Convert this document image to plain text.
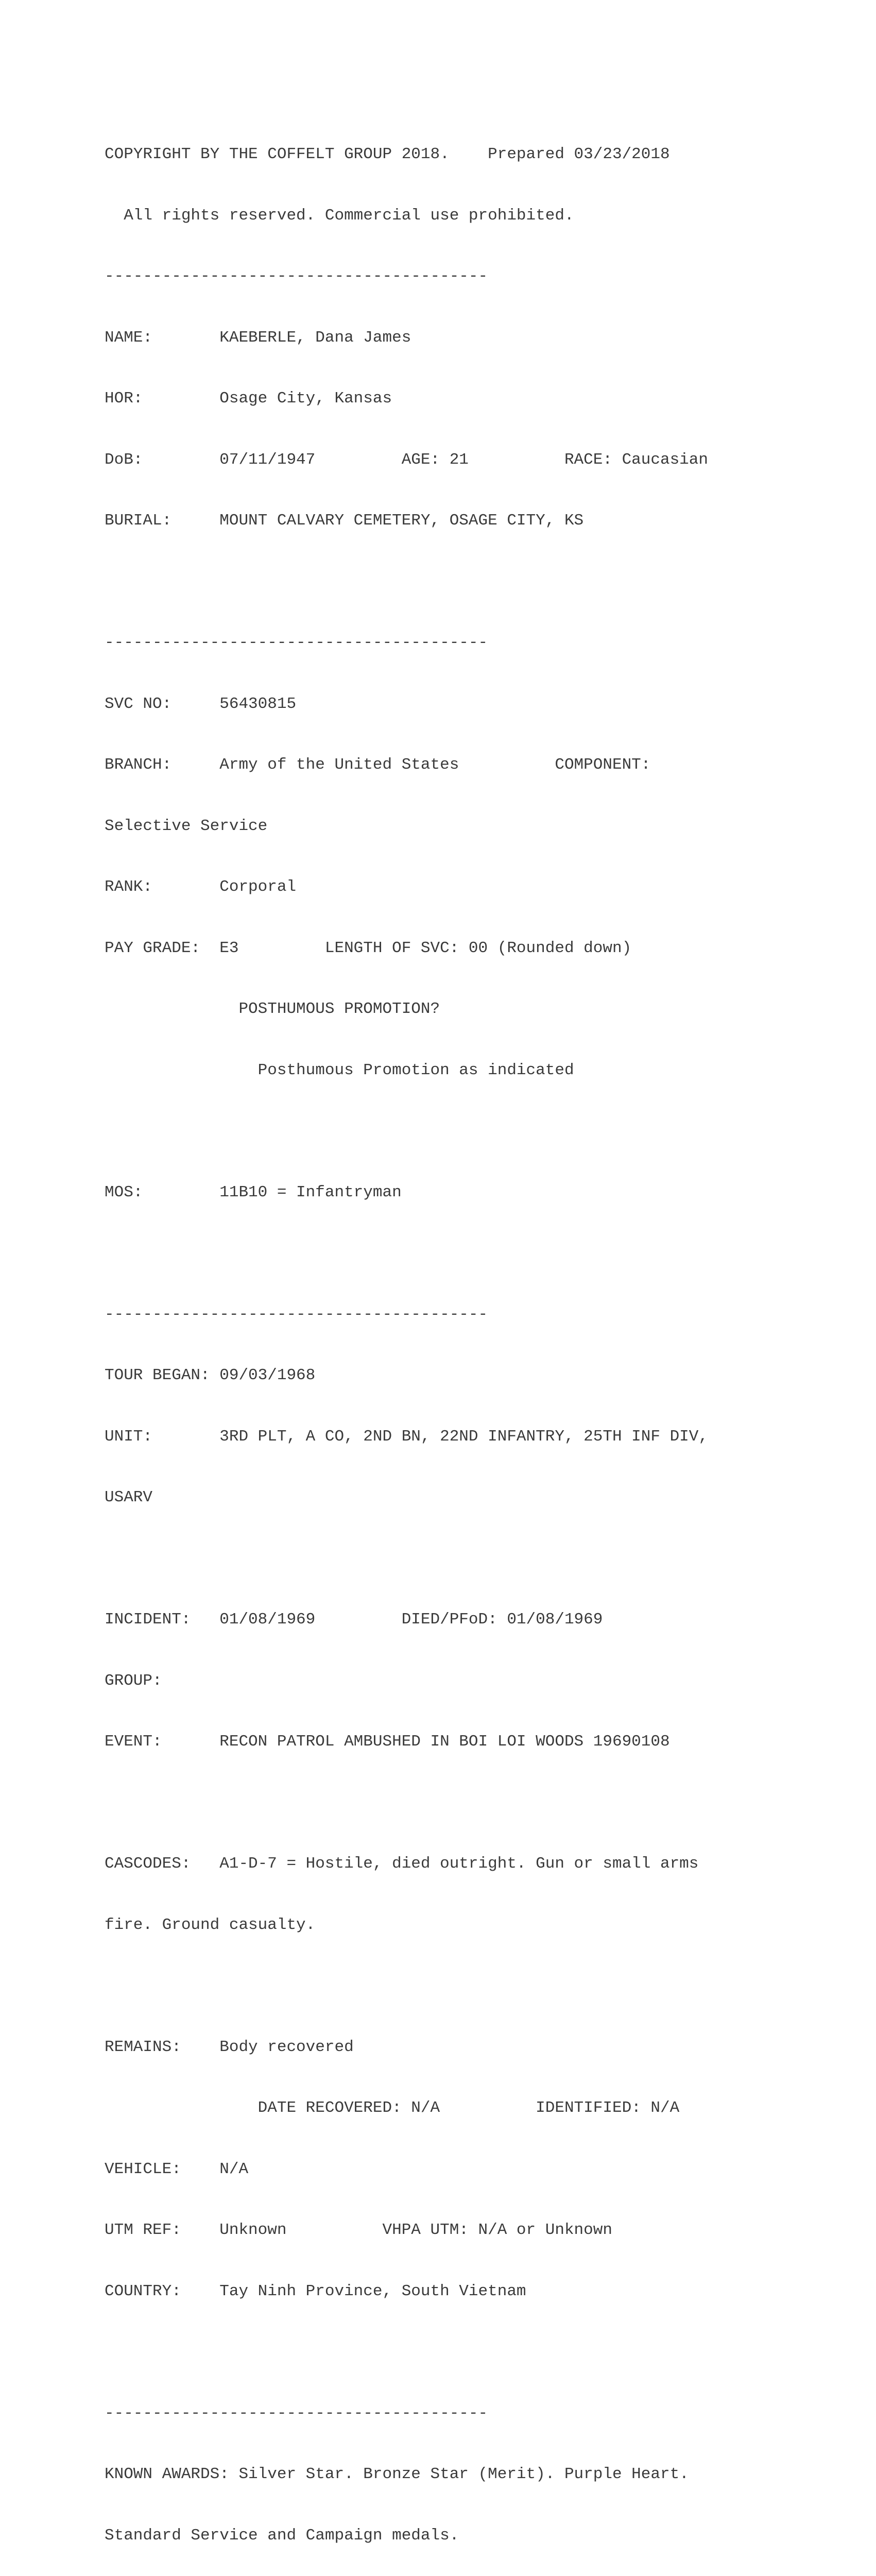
COPYRIGHT BY THE COFFELT GROUP 2018.    Prepared 03/23/2018

All rights reserved. Commercial use prohibited.

----------------------------------------

NAME:       KAEBERLE, Dana James

HOR:        Osage City, Kansas

DoB:        07/11/1947         AGE: 21          RACE: Caucasian

BURIAL:     MOUNT CALVARY CEMETERY, OSAGE CITY, KS

----------------------------------------

SVC NO:     56430815

BRANCH:     Army of the United States          COMPONENT:

Selective Service

RANK:       Corporal

PAY GRADE:  E3         LENGTH OF SVC: 00 (Rounded down)

POSTHUMOUS PROMOTION?

Posthumous Promotion as indicated

MOS:        11B10 = Infantryman

----------------------------------------

TOUR BEGAN: 09/03/1968

UNIT:       3RD PLT, A CO, 2ND BN, 22ND INFANTRY, 25TH INF DIV,

USARV

INCIDENT:   01/08/1969         DIED/PFoD: 01/08/1969

GROUP:

EVENT:      RECON PATROL AMBUSHED IN BOI LOI WOODS 19690108

CASCODES:   A1-D-7 = Hostile, died outright. Gun or small arms

fire. Ground casualty.

REMAINS:    Body recovered

DATE RECOVERED: N/A          IDENTIFIED: N/A

VEHICLE:    N/A

UTM REF:    Unknown          VHPA UTM: N/A or Unknown

COUNTRY:    Tay Ninh Province, South Vietnam

----------------------------------------

KNOWN AWARDS: Silver Star. Bronze Star (Merit). Purple Heart.

Standard Service and Campaign medals.
